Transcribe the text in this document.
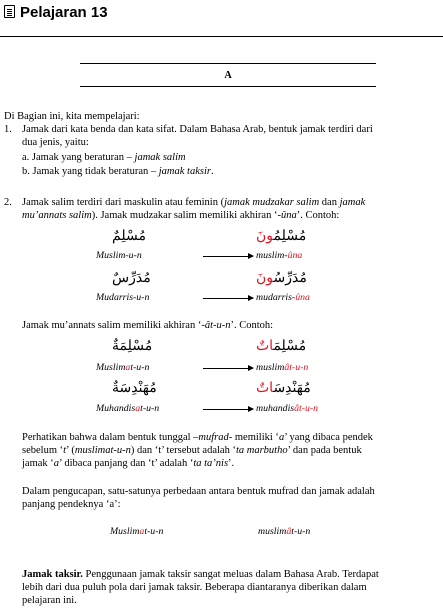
Pelajaran 13
A
Di Bagian ini, kita mempelajari:
1. Jamak dari kata benda dan kata sifat. Dalam Bahasa Arab, bentuk jamak terdiri dari
dua jenis, yaitu:
a. Jamak yang beraturan – jamak salim
b. Jamak yang tidak beraturan – jamak taksir.
2. Jamak salim terdiri dari maskulin atau feminin (jamak mudzakar salim dan jamak
mu’annats salim). Jamak mudzakar salim memiliki akhiran ‘-ûna’. Contoh:
مُسْلِمٌ
Muslim-u-n
مُسْلِمُونَ
muslim-ûna
مُدَرِّسٌ
Mudarris-u-n
مُدَرِّسُونَ
mudarris-ûna
Jamak mu’annats salim memiliki akhiran ‘-ât-u-n’. Contoh:
مُسْلِمَةٌ
Muslimat-u-n
مُسْلِمَاتٌ
muslimât-u-n
مُهَنْدِسَةٌ
Muhandisat-u-n
مُهَنْدِسَاتٌ
muhandisât-u-n
Perhatikan bahwa dalam bentuk tunggal –mufrad- memiliki ‘a’ yang dibaca pendek
sebelum ‘t’ (muslimat-u-n) dan ‘t’ tersebut adalah ‘ta marbutho’ dan pada bentuk
jamak ‘a’ dibaca panjang dan ‘t’ adalah ‘ta ta’nis’.
Dalam pengucapan, satu-satunya perbedaan antara bentuk mufrad dan jamak adalah
panjang pendeknya ‘a’:
Muslimat-u-n	muslimât-u-n
Jamak taksir. Penggunaan jamak taksir sangat meluas dalam Bahasa Arab. Terdapat
lebih dari dua puluh pola dari jamak taksir. Beberapa diantaranya diberikan dalam
pelajaran ini.
